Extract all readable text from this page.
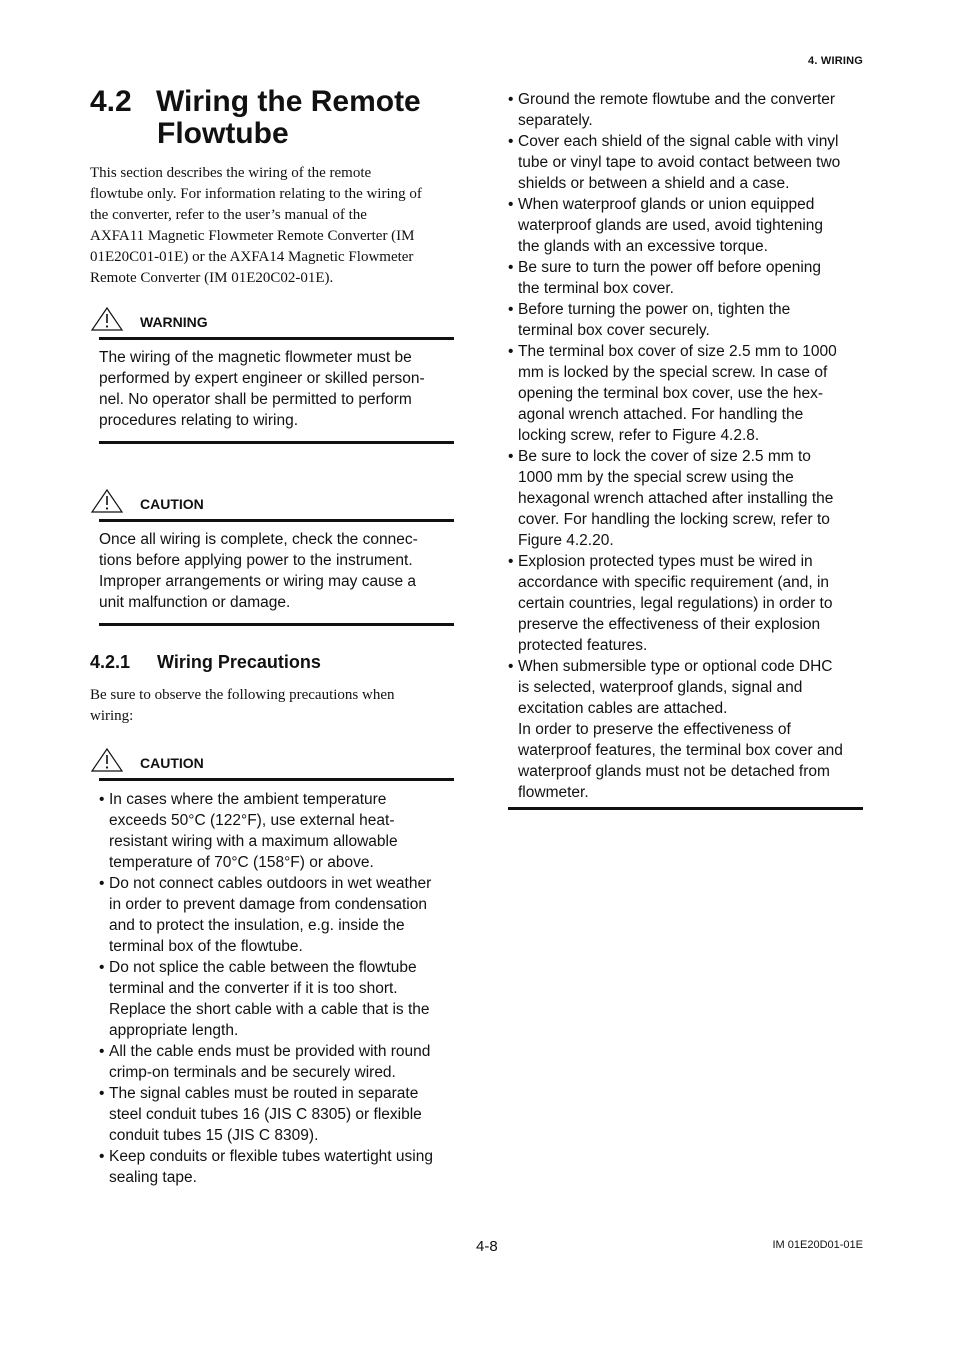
4. WIRING
4.2 Wiring the Remote
Flowtube
This section describes the wiring of the remote
flowtube only. For information relating to the wiring of
the converter, refer to the user’s manual of the
AXFA11 Magnetic Flowmeter Remote Converter (IM
01E20C01-01E) or the AXFA14 Magnetic Flowmeter
Remote Converter (IM 01E20C02-01E).
WARNING
The wiring of the magnetic flowmeter must be
performed by expert engineer or skilled person-
nel. No operator shall be permitted to perform
procedures relating to wiring.
CAUTION
Once all wiring is complete, check the connec-
tions before applying power to the instrument.
Improper arrangements or wiring may cause a
unit malfunction or damage.
4.2.1 Wiring Precautions
Be sure to observe the following precautions when
wiring:
CAUTION
• In cases where the ambient temperature
exceeds 50°C (122°F), use external heat-
resistant wiring with a maximum allowable
temperature of 70°C (158°F) or above.
• Do not connect cables outdoors in wet weather
in order to prevent damage from condensation
and to protect the insulation, e.g. inside the
terminal box of the flowtube.
• Do not splice the cable between the flowtube
terminal and the converter if it is too short.
Replace the short cable with a cable that is the
appropriate length.
• All the cable ends must be provided with round
crimp-on terminals and be securely wired.
• The signal cables must be routed in separate
steel conduit tubes 16 (JIS C 8305) or flexible
conduit tubes 15 (JIS C 8309).
• Keep conduits or flexible tubes watertight using
sealing tape.
• Ground the remote flowtube and the converter
separately.
• Cover each shield of the signal cable with vinyl
tube or vinyl tape to avoid contact between two
shields or between a shield and a case.
• When waterproof glands or union equipped
waterproof glands are used, avoid tightening
the glands with an excessive torque.
• Be sure to turn the power off before opening
the terminal box cover.
• Before turning the power on, tighten the
terminal box cover securely.
• The terminal box cover of size 2.5 mm to 1000
mm is locked by the special screw. In case of
opening the terminal box cover, use the hex-
agonal wrench attached. For handling the
locking screw, refer to Figure 4.2.8.
• Be sure to lock the cover of size 2.5 mm to
1000 mm by the special screw using the
hexagonal wrench attached after installing the
cover. For handling the locking screw, refer to
Figure 4.2.20.
• Explosion protected types must be wired in
accordance with specific requirement (and, in
certain countries, legal regulations) in order to
preserve the effectiveness of their explosion
protected features.
• When submersible type or optional code DHC
is selected, waterproof glands, signal and
excitation cables are attached.
In order to preserve the effectiveness of
waterproof features, the terminal box cover and
waterproof glands must not be detached from
flowmeter.
4-8	IM 01E20D01-01E
